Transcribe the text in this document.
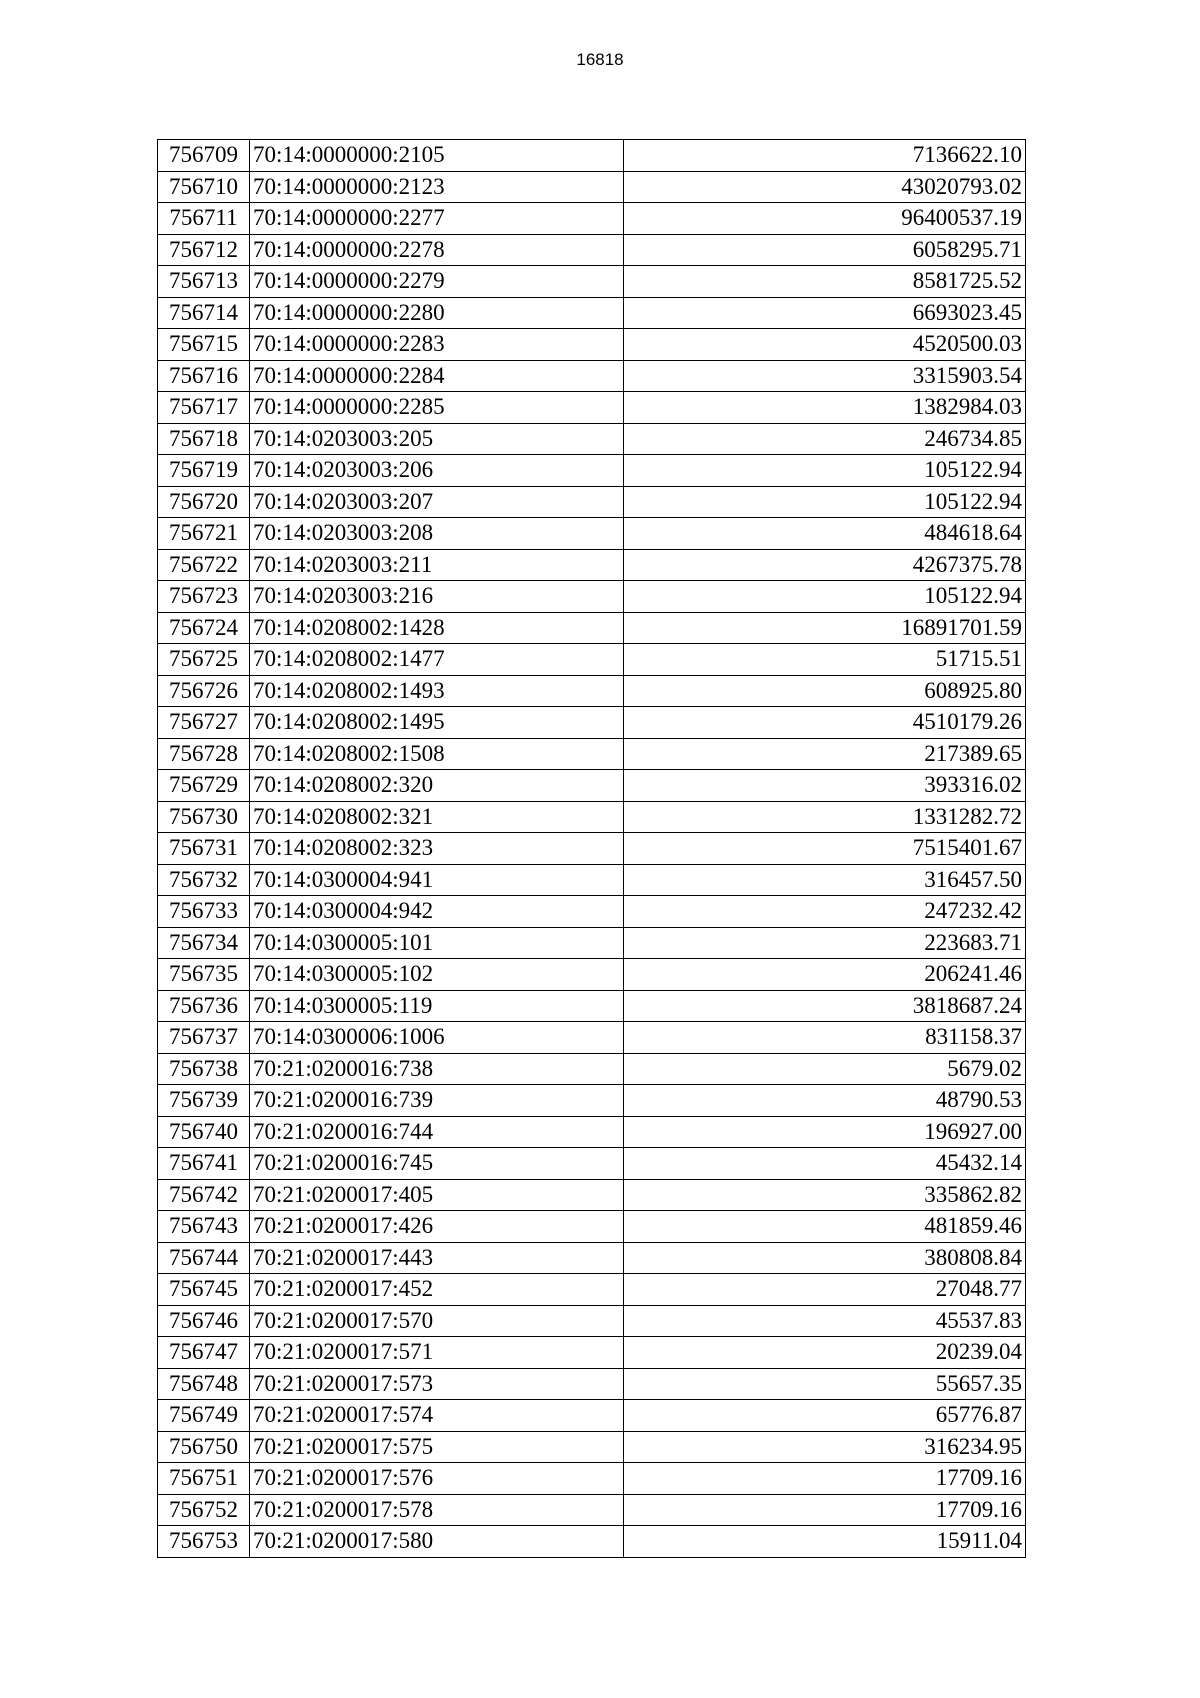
16818
756709	70:14:0000000:2105	7136622.10
756710	70:14:0000000:2123	43020793.02
756711	70:14:0000000:2277	96400537.19
756712	70:14:0000000:2278	6058295.71
756713	70:14:0000000:2279	8581725.52
756714	70:14:0000000:2280	6693023.45
756715	70:14:0000000:2283	4520500.03
756716	70:14:0000000:2284	3315903.54
756717	70:14:0000000:2285	1382984.03
756718	70:14:0203003:205	246734.85
756719	70:14:0203003:206	105122.94
756720	70:14:0203003:207	105122.94
756721	70:14:0203003:208	484618.64
756722	70:14:0203003:211	4267375.78
756723	70:14:0203003:216	105122.94
756724	70:14:0208002:1428	16891701.59
756725	70:14:0208002:1477	51715.51
756726	70:14:0208002:1493	608925.80
756727	70:14:0208002:1495	4510179.26
756728	70:14:0208002:1508	217389.65
756729	70:14:0208002:320	393316.02
756730	70:14:0208002:321	1331282.72
756731	70:14:0208002:323	7515401.67
756732	70:14:0300004:941	316457.50
756733	70:14:0300004:942	247232.42
756734	70:14:0300005:101	223683.71
756735	70:14:0300005:102	206241.46
756736	70:14:0300005:119	3818687.24
756737	70:14:0300006:1006	831158.37
756738	70:21:0200016:738	5679.02
756739	70:21:0200016:739	48790.53
756740	70:21:0200016:744	196927.00
756741	70:21:0200016:745	45432.14
756742	70:21:0200017:405	335862.82
756743	70:21:0200017:426	481859.46
756744	70:21:0200017:443	380808.84
756745	70:21:0200017:452	27048.77
756746	70:21:0200017:570	45537.83
756747	70:21:0200017:571	20239.04
756748	70:21:0200017:573	55657.35
756749	70:21:0200017:574	65776.87
756750	70:21:0200017:575	316234.95
756751	70:21:0200017:576	17709.16
756752	70:21:0200017:578	17709.16
756753	70:21:0200017:580	15911.04
